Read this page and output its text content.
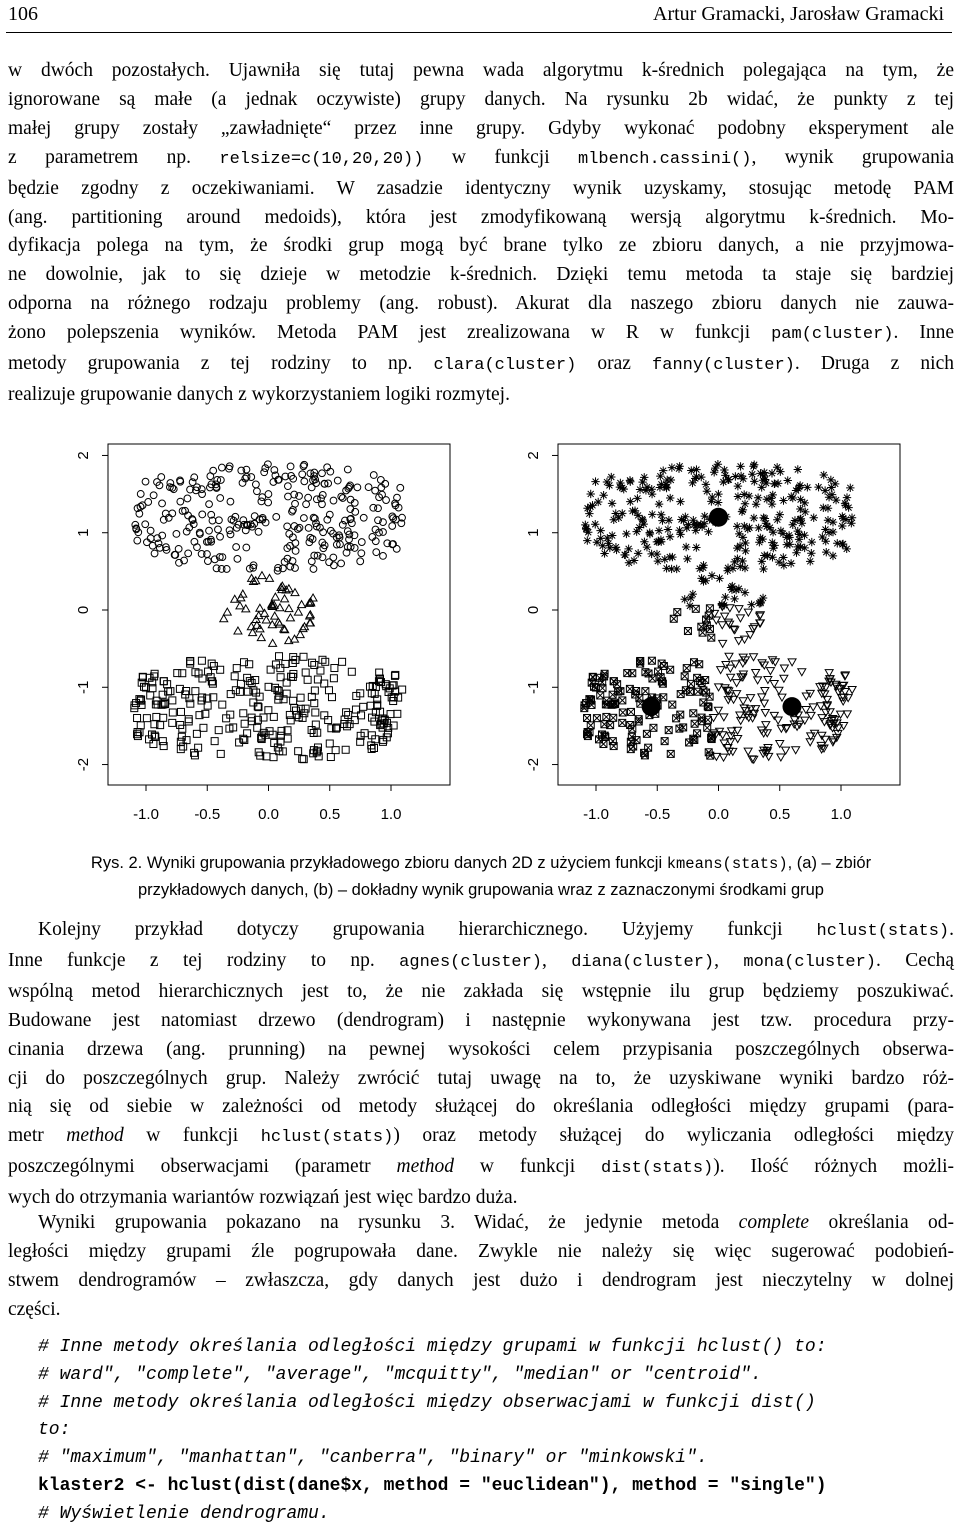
106	Artur Gramacki, Jarosław Gramacki
w dwóch pozostałych. Ujawniła się tutaj pewna wada algorytmu k-średnich polegająca na tym, że
ignorowane są małe (a jednak oczywiste) grupy danych. Na rysunku 2b widać, że punkty z tej
małej grupy zostały „zawładnięte“ przez inne grupy. Gdyby wykonać podobny eksperyment ale
z parametrem np. relsize=c(10,20,20)) w funkcji mlbench.cassini(), wynik grupowania
będzie zgodny z oczekiwaniami. W zasadzie identyczny wynik uzyskamy, stosując metodę PAM
(ang. partitioning around medoids), która jest zmodyfikowaną wersją algorytmu k-średnich. Mo-
dyfikacja polega na tym, że środki grup mogą być brane tylko ze zbioru danych, a nie przyjmowa-
ne dowolnie, jak to się dzieje w metodzie k-średnich. Dzięki temu metoda ta staje się bardziej
odporna na różnego rodzaju problemy (ang. robust). Akurat dla naszego zbioru danych nie zauwa-
żono polepszenia wyników. Metoda PAM jest zrealizowana w R w funkcji pam(cluster). Inne
metody grupowania z tej rodziny to np. clara(cluster) oraz fanny(cluster). Druga z nich
realizuje grupowanie danych z wykorzystaniem logiki rozmytej.
-1.0 -0.5	0.0	0.5	1.0
-2
-1
0
1
2
-1.0 -0.5	0.0	0.5	1.0
-2
-1
0
1
2
Rys. 2. Wyniki grupowania przykładowego zbioru danych 2D z użyciem funkcji kmeans(stats), (a) – zbiór
przykładowych danych, (b) – dokładny wynik grupowania wraz z zaznaczonymi środkami grup
Kolejny przykład dotyczy grupowania hierarchicznego. Użyjemy funkcji hclust(stats).
Inne funkcje z tej rodziny to np. agnes(cluster), diana(cluster), mona(cluster). Cechą
wspólną metod hierarchicznych jest to, że nie zakłada się wstępnie ilu grup będziemy poszukiwać.
Budowane jest natomiast drzewo (dendrogram) i następnie wykonywana jest tzw. procedura przy-
cinania drzewa (ang. prunning) na pewnej wysokości celem przypisania poszczególnych obserwa-
cji do poszczególnych grup. Należy zwrócić tutaj uwagę na to, że uzyskiwane wyniki bardzo róż-
nią się od siebie w zależności od metody służącej do określania odległości między grupami (para-
metr method w funkcji hclust(stats)) oraz metody służącej do wyliczania odległości między
poszczególnymi obserwacjami (parametr method w funkcji dist(stats)). Ilość różnych możli-
wych do otrzymania wariantów rozwiązań jest więc bardzo duża.
Wyniki grupowania pokazano na rysunku 3. Widać, że jedynie metoda complete określania od-
ległości między grupami źle pogrupowała dane. Zwykle nie należy się więc sugerować podobień-
stwem dendrogramów – zwłaszcza, gdy danych jest dużo i dendrogram jest nieczytelny w dolnej
części.
# Inne metody określania odległości między grupami w funkcji hclust() to:
# ward", "complete", "average", "mcquitty", "median" or "centroid".
# Inne metody określania odległości między obserwacjami w funkcji dist()
to:
# "maximum", "manhattan", "canberra", "binary" or "minkowski".
klaster2 <- hclust(dist(dane$x, method = "euclidean"), method = "single")
# Wyświetlenie dendrogramu.
